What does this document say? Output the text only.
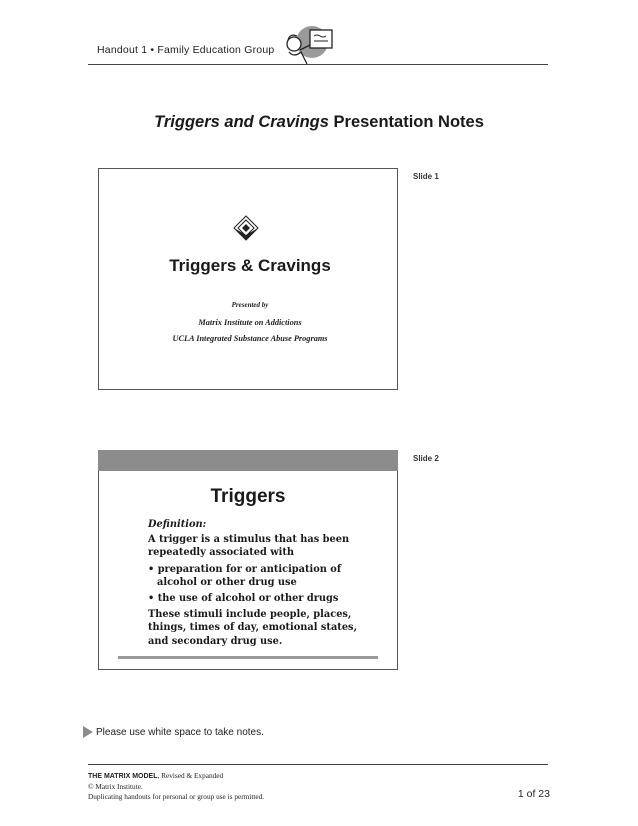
Handout 1 • Family Education Group
Triggers and Cravings Presentation Notes
Slide 1
Triggers & Cravings
Presented by
Matrix Institute on Addictions
UCLA Integrated Substance Abuse Programs
Slide 2
Triggers
Definition:
A trigger is a stimulus that has been repeatedly associated with
• preparation for or anticipation of alcohol or other drug use
• the use of alcohol or other drugs
These stimuli include people, places, things, times of day, emotional states, and secondary drug use.
Please use white space to take notes.
THE MATRIX MODEL, Revised & Expanded
© Matrix Institute.
Duplicating handouts for personal or group use is permitted.	1 of 23
